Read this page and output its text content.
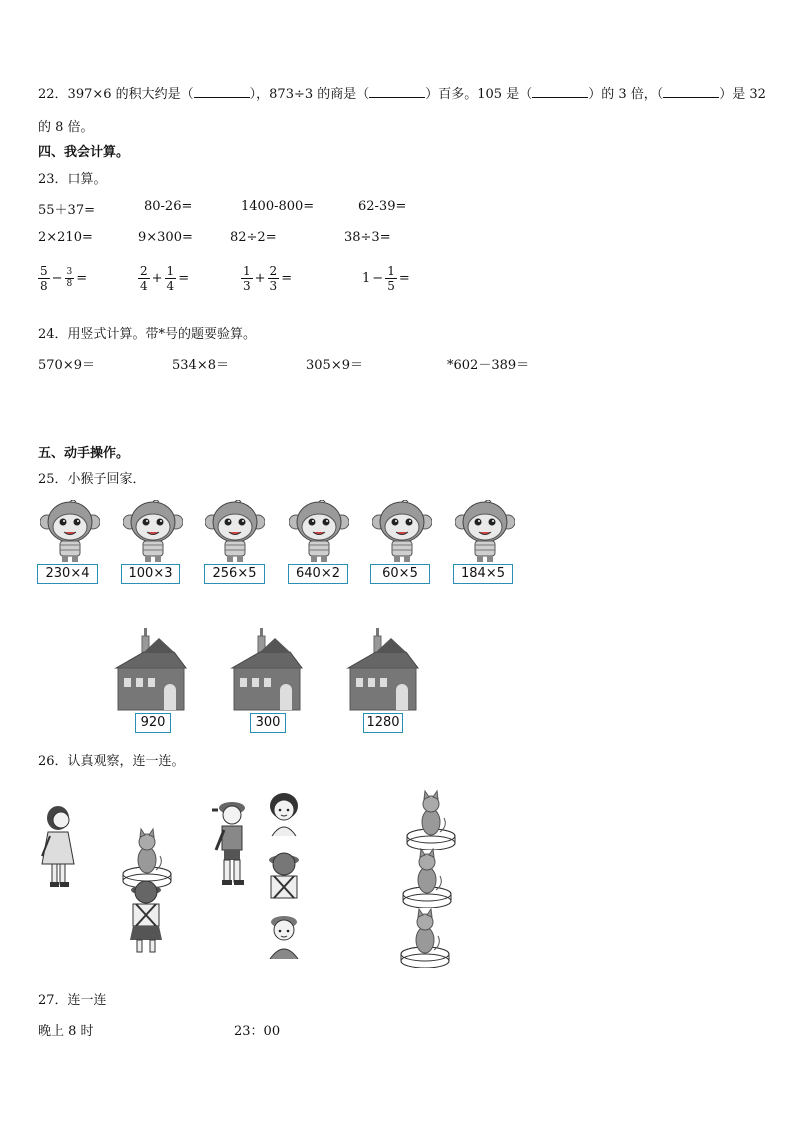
22．397×6 的积大约是（	），873÷3 的商是（	）百多。105 是（	）的 3 倍，（	）是 32
的 8 倍。
四、我会计算。
23．口算。
55＋37=	80-26=	1400-800=	62-39=
2×210=	9×300=	82÷2=	38÷3=
$\frac{5}{8} - \frac{3}{8}$ =	$\frac{2}{4} + \frac{1}{4}$ =	$\frac{1}{3} + \frac{2}{3}$ =	$1 - \frac{1}{5}$ =
24．用竖式计算。带*号的题要验算。
570×9＝	534×8＝	305×9＝	*602－389＝
五、动手操作。
25．小猴子回家．
230×4	100×3	256×5	640×2	60×5	184×5
920	300	1280
26．认真观察，连一连。
27．连一连
晚上 8 时	23：00
